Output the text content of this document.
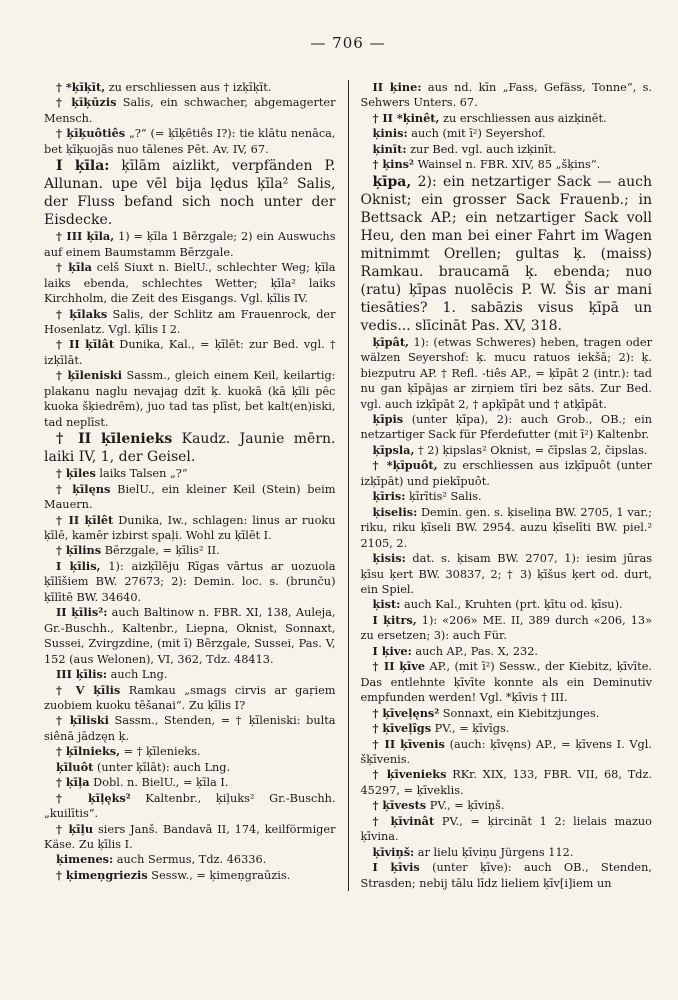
— 706 —

† *ķīķīt, zu erschliessen aus † izķīķīt.

† ķīķūzis Salis, ein schwacher, abgemagerter Mensch.

† ķīķuôtiês „?“ (= ķīķētiês I?): tie klātu nenāca, bet ķīķuojās nuo tālenes Pēt. Av. IV, 67.

I ķīla: ķīlām aizlikt, verpfänden P. Allunan. upe vēl bija lędus ķīla² Salis, der Fluss befand sich noch unter der Eisdecke.

† III ķīla, 1) = ķīla 1 Bērzgale; 2) ein Auswuchs auf einem Baumstamm Bērzgale.

† ķīla celš Siuxt n. BielU., schlechter Weg; ķīla laiks ebenda, schlechtes Wetter; ķīla² laiks Kirchholm, die Zeit des Eisgangs. Vgl. ķīlis IV.

† ķīlaks Salis, der Schlitz am Frauenrock, der Hosenlatz. Vgl. ķīlis I 2.

† II ķīlât Dunika, Kal., = ķīlēt: zur Bed. vgl. † izķīlāt.

† ķīleniski Sassm., gleich einem Keil, keilartig: plakanu naglu nevajag dzīt ķ. kuokā (kā ķīli pēc kuoka šķiedrēm), juo tad tas plīst, bet kalt(en)iski, tad neplīst.

† II ķīlenieks Kaudz. Jaunie mērn. laiki IV, 1, der Geisel.

† ķīles laiks Talsen „?“

† ķīlęns BielU., ein kleiner Keil (Stein) beim Mauern.

† II ķīlêt Dunika, Iw., schlagen: linus ar ruoku ķīlē, kamēr izbirst spaļi. Wohl zu ķīlēt I.

† ķīlins Bērzgale, = ķīlis² II.

I ķīlis, 1): aizķīlēju Rīgas vārtus ar uozuola ķīlīšiem BW. 27673; 2): Demin. loc. s. (brunču) ķīlītē BW. 34640.

II ķīlis²: auch Baltinow n. FBR. XI, 138, Auleja, Gr.-Buschh., Kaltenbr., Liepna, Oknist, Sonnaxt, Sussei, Zvirgzdine, (mit ī) Bērzgale, Sussei, Pas. V, 152 (aus Welonen), VI, 362, Tdz. 48413.

III ķīlis: auch Lng.

† V ķīlis Ramkau „smags cirvis ar gaŗiem zuobiem kuoku tēšanai“. Zu ķīlis I?

† ķīliski Sassm., Stenden, = † ķīleniski: bulta siênā jādzęn ķ.

† ķīlnieks, = † ķīlenieks.

ķīluôt (unter ķīlāt): auch Lng.

† ķīļa Dobl. n. BielU., = ķīla I.

† ķīļęks² Kaltenbr., ķiļuks² Gr.-Buschh. „kuilītis“.

† ķīļu siers Janš. Bandavā II, 174, keilförmiger Käse. Zu ķīlis I.

ķimenes: auch Sermus, Tdz. 46336.

† ķimeņgriezis Sessw., = ķimeņgraūzis.

II ķine: aus nd. kīn „Fass, Gefäss, Tonne“, s. Sehwers Unters. 67.

† II *ķinêt, zu erschliessen aus aizķinēt.

ķinis: auch (mit ī²) Seyershof.

ķinīt: zur Bed. vgl. auch izķinīt.

† ķins² Wainsel n. FBR. XIV, 85 „šķins“.

ķīpa, 2): ein netzartiger Sack — auch Oknist; ein grosser Sack Frauenb.; in Bettsack AP.; ein netzartiger Sack voll Heu, den man bei einer Fahrt im Wagen mitnimmt Orellen; gultas ķ. (maiss) Ramkau. braucamā ķ. ebenda; nuo (ratu) ķīpas nuolēcis P. W. Šis ar mani tiesāties? 1. sabāzis visus ķīpā un vedis... slīcināt Pas. XV, 318.

ķīpât, 1): (etwas Schweres) heben, tragen oder wälzen Seyershof: ķ. mucu ratuos iekšā; 2): ķ. biezputru AP. † Refl. -tiês AP., = ķīpāt 2 (intr.): tad nu gan ķīpājas ar zirņiem tīri bez sāts. Zur Bed. vgl. auch izķīpāt 2, † apķīpāt und † atķīpāt.

ķīpis (unter ķīpa), 2): auch Grob., OB.; ein netzartiger Sack für Pferdefutter (mit ī²) Kaltenbr.

ķīpsla, † 2) ķipslas² Oknist, = čīpslas 2, čipslas.

† *ķīpuôt, zu erschliessen aus izķīpuôt (unter izķīpāt) und piekīpuôt.

ķīris: ķīrītis² Salis.

ķiselis: Demin. gen. s. ķiseliņa BW. 2705, 1 var.; riku, riku ķīseli BW. 2954. auzu ķīselīti BW. piel.² 2105, 2.

ķisis: dat. s. ķisam BW. 2707, 1): iesim jūras ķīsu ķert BW. 30837, 2; † 3) ķīšus ķert od. durt, ein Spiel.

ķist: auch Kal., Kruhten (prt. ķītu od. ķīsu).

I ķitrs, 1): «206» ME. II, 389 durch «206, 13» zu ersetzen; 3): auch Für.

I ķive: auch AP., Pas. X, 232.

† II ķīve AP., (mit ī²) Sessw., der Kiebitz, ķīvīte. Das entlehnte ķīvīte konnte als ein Deminutiv empfunden werden! Vgl. *ķīvis † III.

† ķīveļęns² Sonnaxt, ein Kiebitzjunges.

† ķīveļîgs PV., = ķīvīgs.

† II ķīvenis (auch: ķīvęns) AP., = ķīvens I. Vgl. šķīvenis.

† ķīvenieks RKr. XIX, 133, FBR. VII, 68, Tdz. 45297, = ķīveklis.

† ķīvests PV., = ķīviņš.

† ķīvinât PV., = ķircināt 1 2: lielais mazuo ķīvina.

ķīviņš: ar lielu ķīviņu Jürgens 112.

I ķīvis (unter ķīve): auch OB., Stenden, Strasden; nebij tālu līdz lieliem ķīv[i]iem un
